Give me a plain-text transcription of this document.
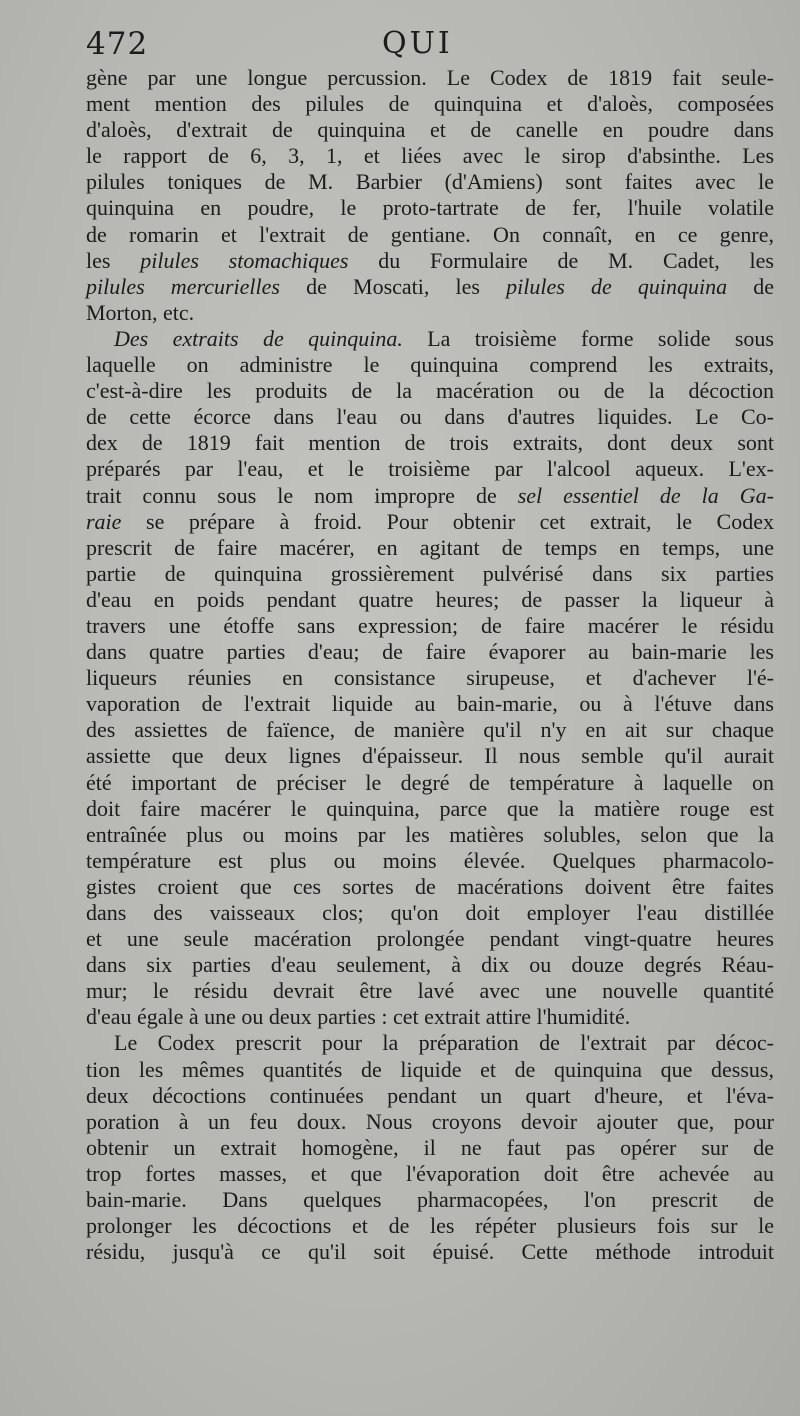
472	QUI
gène par une longue percussion. Le Codex de 1819 fait seule-
ment mention des pilules de quinquina et d'aloès, composées
d'aloès, d'extrait de quinquina et de canelle en poudre dans
le rapport de 6, 3, 1, et liées avec le sirop d'absinthe. Les
pilules toniques de M. Barbier (d'Amiens) sont faites avec le
quinquina en poudre, le proto-tartrate de fer, l'huile volatile
de romarin et l'extrait de gentiane. On connaît, en ce genre,
les pilules stomachiques du Formulaire de M. Cadet, les
pilules mercurielles de Moscati, les pilules de quinquina de
Morton, etc.
Des extraits de quinquina. La troisième forme solide sous
laquelle on administre le quinquina comprend les extraits,
c'est-à-dire les produits de la macération ou de la décoction
de cette écorce dans l'eau ou dans d'autres liquides. Le Co-
dex de 1819 fait mention de trois extraits, dont deux sont
préparés par l'eau, et le troisième par l'alcool aqueux. L'ex-
trait connu sous le nom impropre de sel essentiel de la Ga-
raie se prépare à froid. Pour obtenir cet extrait, le Codex
prescrit de faire macérer, en agitant de temps en temps, une
partie de quinquina grossièrement pulvérisé dans six parties
d'eau en poids pendant quatre heures; de passer la liqueur à
travers une étoffe sans expression; de faire macérer le résidu
dans quatre parties d'eau; de faire évaporer au bain-marie les
liqueurs réunies en consistance sirupeuse, et d'achever l'é-
vaporation de l'extrait liquide au bain-marie, ou à l'étuve dans
des assiettes de faïence, de manière qu'il n'y en ait sur chaque
assiette que deux lignes d'épaisseur. Il nous semble qu'il aurait
été important de préciser le degré de température à laquelle on
doit faire macérer le quinquina, parce que la matière rouge est
entraînée plus ou moins par les matières solubles, selon que la
température est plus ou moins élevée. Quelques pharmacolo-
gistes croient que ces sortes de macérations doivent être faites
dans des vaisseaux clos; qu'on doit employer l'eau distillée
et une seule macération prolongée pendant vingt-quatre heures
dans six parties d'eau seulement, à dix ou douze degrés Réau-
mur; le résidu devrait être lavé avec une nouvelle quantité
d'eau égale à une ou deux parties : cet extrait attire l'humidité.
Le Codex prescrit pour la préparation de l'extrait par décoc-
tion les mêmes quantités de liquide et de quinquina que dessus,
deux décoctions continuées pendant un quart d'heure, et l'éva-
poration à un feu doux. Nous croyons devoir ajouter que, pour
obtenir un extrait homogène, il ne faut pas opérer sur de
trop fortes masses, et que l'évaporation doit être achevée au
bain-marie. Dans quelques pharmacopées, l'on prescrit de
prolonger les décoctions et de les répéter plusieurs fois sur le
résidu, jusqu'à ce qu'il soit épuisé. Cette méthode introduit
